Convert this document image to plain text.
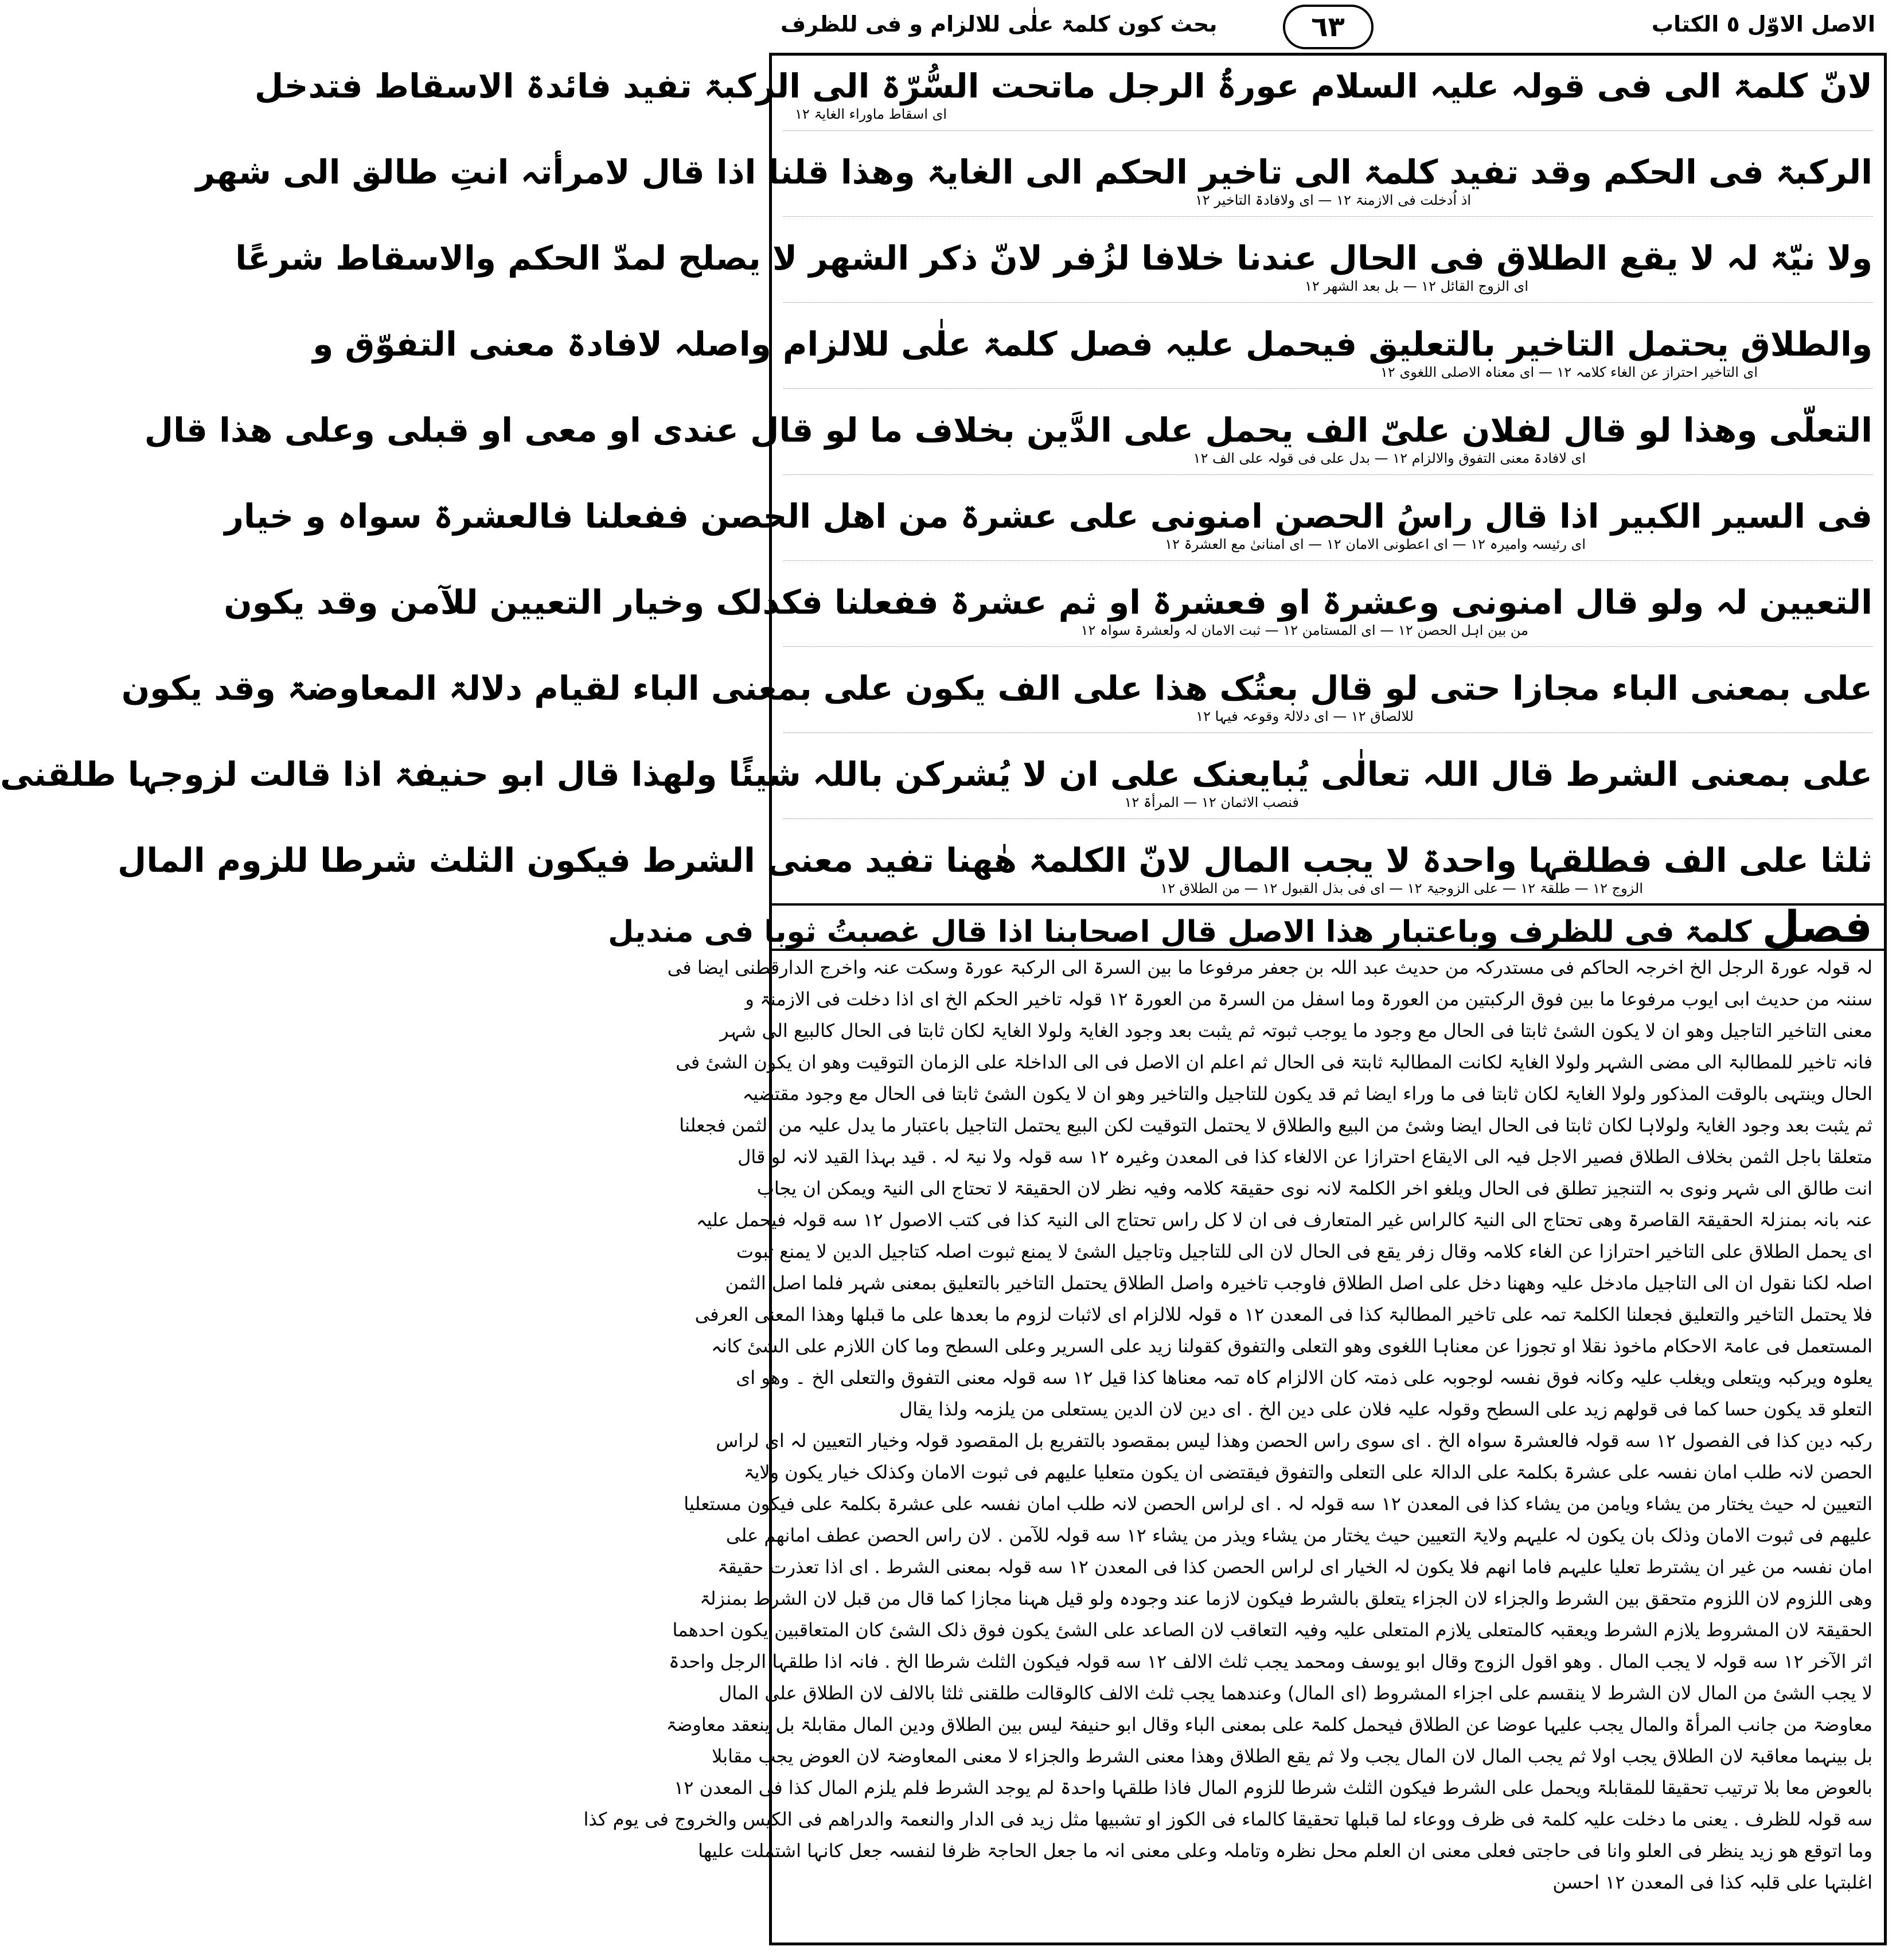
الاصل الاوّل ٥ الکتاب
٦٣
بحث کون کلمۃ علٰی للالزام و فی للظرف
لانّ کلمۃ الی فی قولہ علیہ السلام عورۃُ الرجل ماتحت السُّرّۃ الی الرکبۃ تفید فائدۃ الاسقاط فتدخل
ای اسقاط ماوراء الغایۃ ١٢
الرکبۃ فی الحکم وقد تفید کلمۃ الی تاخیر الحکم الی الغایۃ وھذا قلنا اذا قال لامرأتہ انتِ طالق الی شھر
اذ اُدخلت فی الازمنۃ ١٢ — ای ولافادۃ التاخیر ١٢
ولا نیّۃ لہ لا یقع الطلاق فی الحال عندنا خلافا لزُفر لانّ ذکر الشھر لا یصلح لمدّ الحکم والاسقاط شرعًا
ای الزوج القائل ١٢ — بل بعد الشھر ١٢
والطلاق یحتمل التاخیر بالتعلیق فیحمل علیہ فصل کلمۃ علٰی للالزام واصلہ لافادۃ معنی التفوّق و
ای التاخیر احتراز عن الغاء کلامہ ١٢ — ای معناہ الاصلی اللغوی ١٢
التعلّی وھذا لو قال لفلان علیّ الف یحمل علی الدَّین بخلاف ما لو قال عندی او معی او قبلی وعلی ھذا قال
ای لافادۃ معنی التفوق والالزام ١٢ — بدل علی فی قولہ علی الف ١٢
فی السیر الکبیر اذا قال راسُ الحصن امنونی علی عشرۃ من اھل الحصن ففعلنا فالعشرۃ سواہ و خیار
ای رئیسہ وامیرہ ١٢ — ای اعطونی الامان ١٢ — ای امنانیٰ مع العشرۃ ١٢
التعیین لہ ولو قال امنونی وعشرۃ او فعشرۃ او ثم عشرۃ ففعلنا فکذلک وخیار التعیین للآمن وقد یکون
من بین اہل الحصن ١٢ — ای المستامن ١٢ — ثبت الامان لہ ولعشرۃ سواہ ١٢
علی بمعنی الباء مجازا حتی لو قال بعتُک ھذا علی الف یکون علی بمعنی الباء لقیام دلالۃ المعاوضۃ وقد یکون
للالصاق ١٢ — ای دلالۃ وقوعہ فیہا ١٢
علی بمعنی الشرط قال اللہ تعالٰی یُبایعنک علی ان لا یُشرکن باللہ شیئًا ولھذا قال ابو حنیفۃ اذا قالت لزوجہا طلقنی
فنصب الاثمان ١٢ — المرأۃ ١٢
ثلثا علی الف فطلقہا واحدۃ لا یجب المال لانّ الکلمۃ ھٰھنا تفید معنی الشرط فیکون الثلث شرطا للزوم المال
الزوج ١٢ — طلقۃ ١٢ — علی الزوجیۃ ١٢ — ای فی بذل القبول ١٢ — من الطلاق ١٢
فصل کلمۃ فی للظرف وباعتبار ھذا الاصل قال اصحابنا اذا قال غصبتُ ثوبا فی مندیل
لہ قولہ عورۃ الرجل الخ اخرجہ الحاکم فی مستدرکہ من حدیث عبد اللہ بن جعفر مرفوعا ما بین السرۃ الی الرکبۃ عورۃ وسکت عنہ واخرج الدارقطنی ایضا فی
سننہ من حدیث ابی ایوب مرفوعا ما بین فوق الرکبتین من العورۃ وما اسفل من السرۃ من العورۃ ١٢ قولہ تاخیر الحکم الخ ای اذا دخلت فی الازمنۃ و
معنی التاخیر التاجیل وھو ان لا یکون الشیٔ ثابتا فی الحال مع وجود ما یوجب ثبوتہ ثم یثبت بعد وجود الغایۃ ولولا الغایۃ لکان ثابتا فی الحال کالبیع الی شہر
فانہ تاخیر للمطالبۃ الی مضی الشہر ولولا الغایۃ لکانت المطالبۃ ثابتۃ فی الحال ثم اعلم ان الاصل فی الی الداخلۃ علی الزمان التوقیت وھو ان یکون الشیٔ فی
الحال وینتہی بالوقت المذکور ولولا الغایۃ لکان ثابتا فی ما وراء ایضا ثم قد یکون للتاجیل والتاخیر وھو ان لا یکون الشیٔ ثابتا فی الحال مع وجود مقتضیہ
ثم یثبت بعد وجود الغایۃ ولولاہا لکان ثابتا فی الحال ایضا وشیٔ من البیع والطلاق لا یحتمل التوقیت لکن البیع یحتمل التاجیل باعتبار ما یدل علیہ من الثمن فجعلنا
متعلقا باجل الثمن بخلاف الطلاق فصیر الاجل فیہ الی الایقاع احترازا عن الالغاء کذا فی المعدن وغیرہ ١٢ سه قولہ ولا نیۃ لہ . قید بہذا القید لانہ لو قال
انت طالق الی شہر ونوی بہ التنجیز تطلق فی الحال ویلغو اخر الکلمۃ لانہ نوی حقیقۃ کلامہ وفیہ نظر لان الحقیقۃ لا تحتاج الی النیۃ ویمکن ان یجاب
عنہ بانہ بمنزلۃ الحقیقۃ القاصرۃ وھی تحتاج الی النیۃ کالراس غیر المتعارف فی ان لا کل راس تحتاج الی النیۃ کذا فی کتب الاصول ١٢ سه قولہ فیحمل علیہ
ای یحمل الطلاق علی التاخیر احترازا عن الغاء کلامہ وقال زفر یقع فی الحال لان الی للتاجیل وتاجیل الشیٔ لا یمنع ثبوت اصلہ کتاجیل الدین لا یمنع ثبوت
اصلہ لکنا نقول ان الی التاجیل مادخل علیہ وھھنا دخل علی اصل الطلاق فاوجب تاخیرہ واصل الطلاق یحتمل التاخیر بالتعلیق بمعنی شہر فلما اصل الثمن
فلا یحتمل التاخیر والتعلیق فجعلنا الکلمۃ تمہ علی تاخیر المطالبۃ کذا فی المعدن ١٢ ہ قولہ للالزام ای لاثبات لزوم ما بعدھا علی ما قبلھا وھذا المعنی العرفی
المستعمل فی عامۃ الاحکام ماخوذ نقلا او تجوزا عن معناہا اللغوی وھو التعلی والتفوق کقولنا زید علی السریر وعلی السطح وما کان اللازم علی الشیٔ کانہ
یعلوہ ویرکبہ ویتعلی ویغلب علیہ وکانہ فوق نفسہ لوجوبہ علی ذمتہ کان الالزام کاہ تمہ معناھا کذا قیل ١٢ سه قولہ معنی التفوق والتعلی الخ ۔ وھو ای
التعلو قد یکون حسا کما فی قولھم زید علی السطح وقولہ علیہ فلان علی دین الخ . ای دین لان الدین یستعلی من یلزمہ ولذا یقال
رکبہ دین کذا فی الفصول ١٢ سه قولہ فالعشرۃ سواہ الخ . ای سوی راس الحصن وھذا لیس بمقصود بالتفریع بل المقصود قولہ وخیار التعیین لہ ای لراس
الحصن لانہ طلب امان نفسہ علی عشرۃ بکلمۃ علی الدالۃ علی التعلی والتفوق فیقتضی ان یکون متعلیا علیھم فی ثبوت الامان وکذلک خیار یکون ولایۃ
التعیین لہ حیث یختار من یشاء ویامن من یشاء کذا فی المعدن ١٢ سه قولہ لہ . ای لراس الحصن لانہ طلب امان نفسہ علی عشرۃ بکلمۃ علی فیکون مستعلیا
علیھم فی ثبوت الامان وذلک بان یکون لہ علیہم ولایۃ التعیین حیث یختار من یشاء ویذر من یشاء ١٢ سه قولہ للآمن . لان راس الحصن عطف امانھم علی
امان نفسہ من غیر ان یشترط تعلیا علیہم فاما انھم فلا یکون لہ الخیار ای لراس الحصن کذا فی المعدن ١٢ سه قولہ بمعنی الشرط . ای اذا تعذرت حقیقۃ
وھی اللزوم لان اللزوم متحقق بین الشرط والجزاء لان الجزاء یتعلق بالشرط فیکون لازما عند وجودہ ولو قیل ھہنا مجازا کما قال من قبل لان الشرط بمنزلۃ
الحقیقۃ لان المشروط یلازم الشرط ویعقبہ کالمتعلی یلازم المتعلی علیہ وفیہ التعاقب لان الصاعد علی الشیٔ یکون فوق ذلک الشیٔ کان المتعاقبین یکون احدھما
اثر الآخر ١٢ سه قولہ لا یجب المال . وھو اقول الزوج وقال ابو یوسف ومحمد یجب ثلث الالف ١٢ سه قولہ فیکون الثلث شرطا الخ . فانہ اذا طلقہا الرجل واحدۃ
لا یجب الشیٔ من المال لان الشرط لا ینقسم علی اجزاء المشروط (ای المال) وعندھما یجب ثلث الالف کالوقالت طلقنی ثلثا بالالف لان الطلاق علی المال
معاوضۃ من جانب المرأۃ والمال یجب علیہا عوضا عن الطلاق فیحمل کلمۃ علی بمعنی الباء وقال ابو حنیفۃ لیس بین الطلاق ودین المال مقابلۃ بل ینعقد معاوضۃ
بل بینہما معاقبۃ لان الطلاق یجب اولا ثم یجب المال لان المال یجب ولا ثم یقع الطلاق وھذا معنی الشرط والجزاء لا معنی المعاوضۃ لان العوض یجب مقابلا
بالعوض معا بلا ترتیب تحقیقا للمقابلۃ ویحمل علی الشرط فیکون الثلث شرطا للزوم المال فاذا طلقہا واحدۃ لم یوجد الشرط فلم یلزم المال کذا فی المعدن ١٢
سه قولہ للظرف . یعنی ما دخلت علیہ کلمۃ فی ظرف ووعاء لما قبلھا تحقیقا کالماء فی الکوز او تشبیھا مثل زید فی الدار والنعمۃ والدراھم فی الکیس والخروج فی یوم کذا
وما اتوقع ھو زید ینظر فی العلو وانا فی حاجتی فعلی معنی ان العلم محل نظرہ وتاملہ وعلی معنی انہ ما جعل الحاجۃ ظرفا لنفسہ جعل کانہا اشتملت علیھا
اغلبتہا علی قلبہ کذا فی المعدن ١٢ احسن
